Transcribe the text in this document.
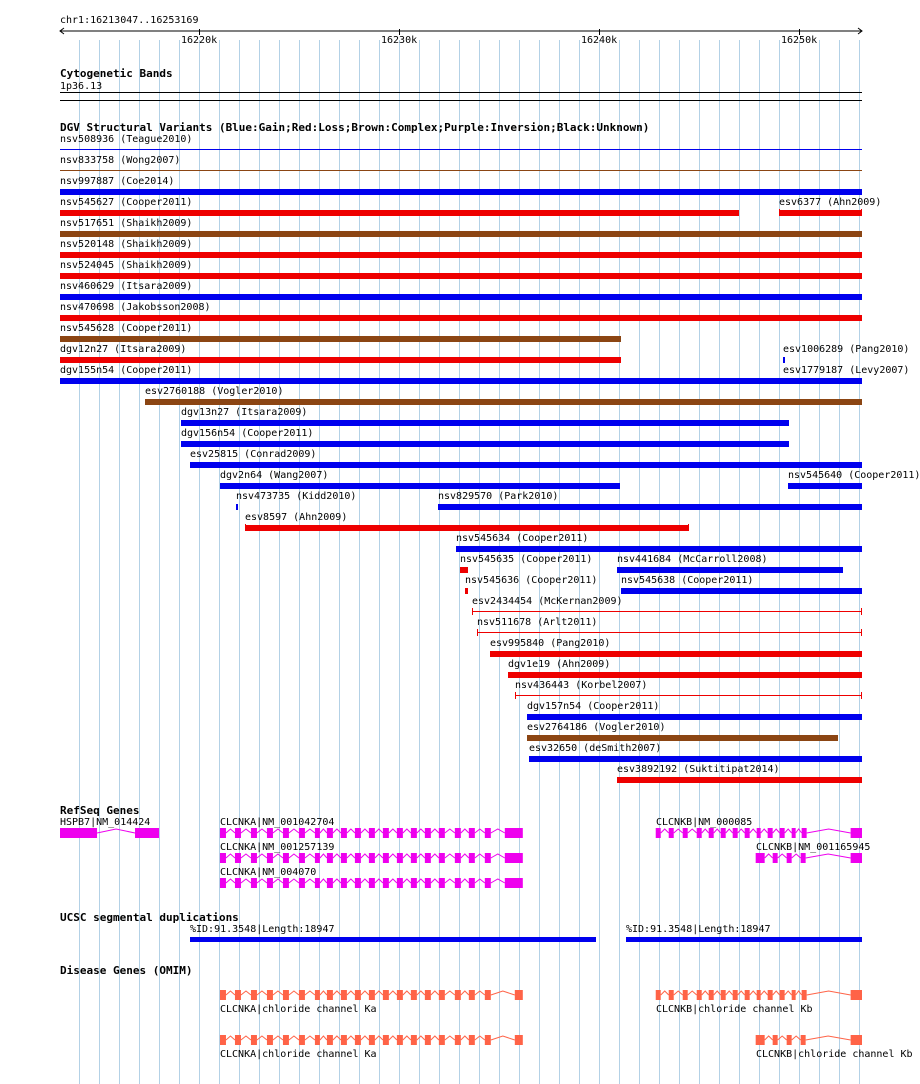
chr1:16213047..16253169
16220k	16230k	16240k	16250k
Cytogenetic Bands
1p36.13
DGV Structural Variants (Blue:Gain;Red:Loss;Brown:Complex;Purple:Inversion;Black:Unknown)
nsv508936 (Teague2010)
nsv833758 (Wong2007)
nsv997887 (Coe2014)
nsv545627 (Cooper2011)	esv6377 (Ahn2009)
nsv517651 (Shaikh2009)
nsv520148 (Shaikh2009)
nsv524045 (Shaikh2009)
nsv460629 (Itsara2009)
nsv470698 (Jakobsson2008)
nsv545628 (Cooper2011)
esv1006289 (Pang2010)
dgv12n27 (Itsara2009)
esv1779187 (Levy2007)
dgv155n54 (Cooper2011)
esv2760188 (Vogler2010)
dgv13n27 (Itsara2009)
dgv156n54 (Cooper2011)
esv25815 (Conrad2009)
dgv2n64 (Wang2007)	nsv545640 (Cooper2011)
nsv473735 (Kidd2010)	nsv829570 (Park2010)
esv8597 (Ahn2009)
nsv545634 (Cooper2011)
nsv545635 (Cooper2011) nsv441684 (McCarroll2008)
nsv545636 (Cooper2011) nsv545638 (Cooper2011)
esv2434454 (McKernan2009)
nsv511678 (Arlt2011)
esv995840 (Pang2010)
dgv1e19 (Ahn2009)
nsv436443 (Korbel2007)
dgv157n54 (Cooper2011)
esv2764186 (Vogler2010)
esv32650 (deSmith2007)
esv3892192 (Suktitipat2014)
RefSeq Genes
HSPB7|NM_014424	CLCNKA|NM_001042704
CLCNKA|NM_001257139
CLCNKA|NM_004070
CLCNKB|NM_000085
CLCNKB|NM_001165945
UCSC segmental duplications
%ID:91.3548|Length:18947	%ID:91.3548|Length:18947
Disease Genes (OMIM)
CLCNKA|chloride channel Ka	CLCNKB|chloride channel Kb
CLCNKA|chloride channel Ka	CLCNKB|chloride channel Kb
